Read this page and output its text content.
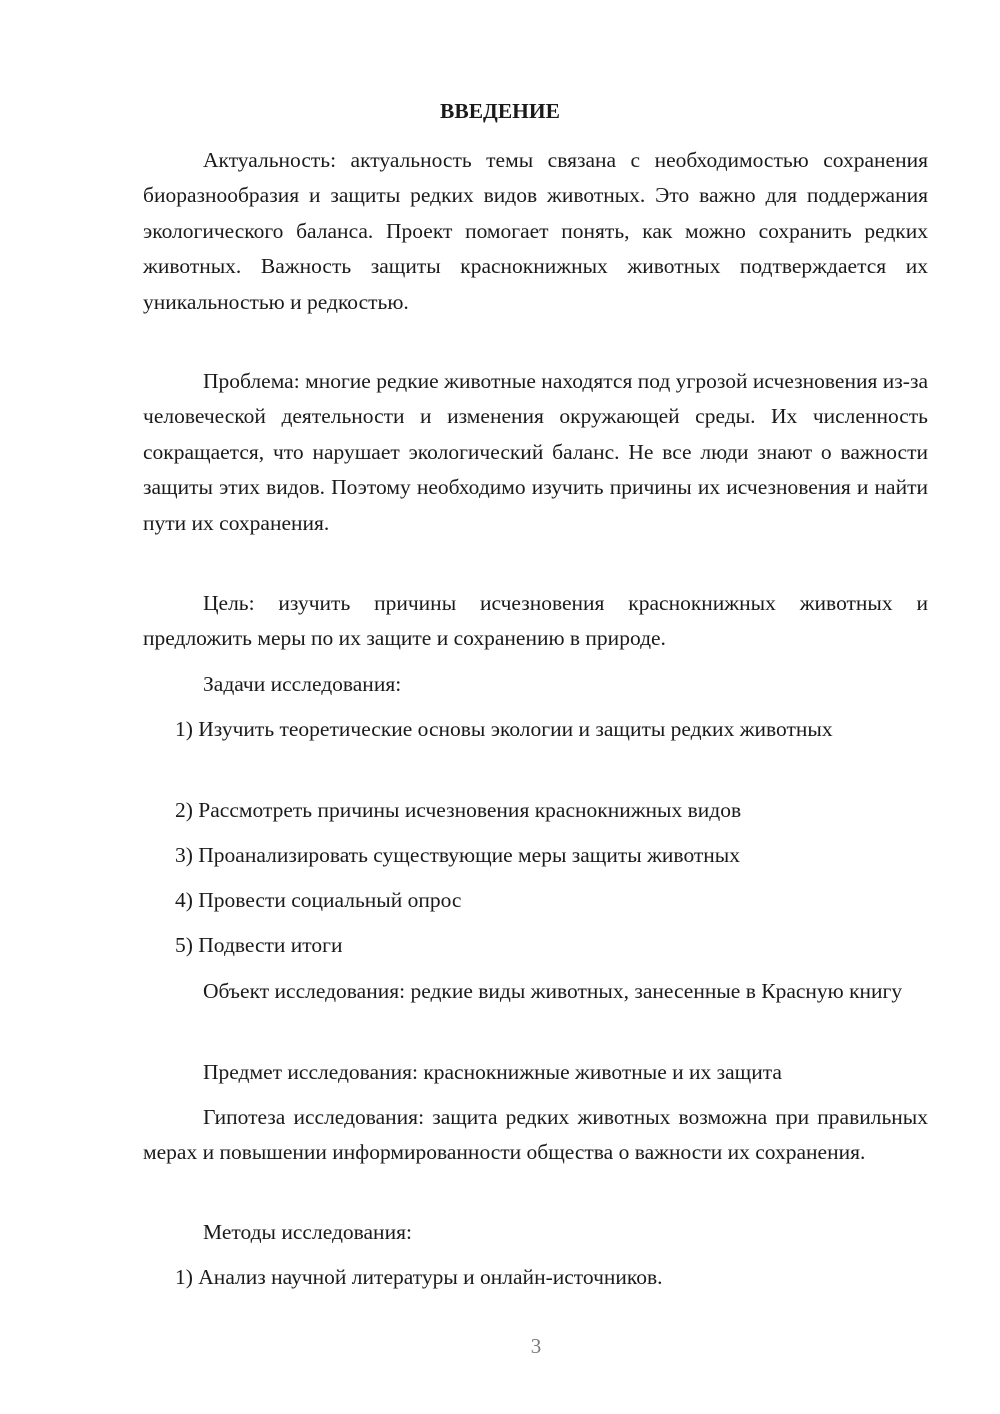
ВВЕДЕНИЕ

Актуальность: актуальность темы связана с необходимостью сохранения биоразнообразия и защиты редких видов животных. Это важно для поддержания экологического баланса. Проект помогает понять, как можно сохранить редких животных. Важность защиты краснокнижных животных подтверждается их уникальностью и редкостью.

Проблема: многие редкие животные находятся под угрозой исчезновения из-за человеческой деятельности и изменения окружающей среды. Их численность сокращается, что нарушает экологический баланс. Не все люди знают о важности защиты этих видов. Поэтому необходимо изучить причины их исчезновения и найти пути их сохранения.

Цель: изучить причины исчезновения краснокнижных животных и предложить меры по их защите и сохранению в природе.

Задачи исследования:

1) Изучить теоретические основы экологии и защиты редких животных

2) Рассмотреть причины исчезновения краснокнижных видов

3) Проанализировать существующие меры защиты животных

4) Провести социальный опрос

5) Подвести итоги

Объект исследования: редкие виды животных, занесенные в Красную книгу

Предмет исследования: краснокнижные животные и их защита

Гипотеза исследования: защита редких животных возможна при правильных мерах и повышении информированности общества о важности их сохранения.

Методы исследования:

1) Анализ научной литературы и онлайн-источников.

3
